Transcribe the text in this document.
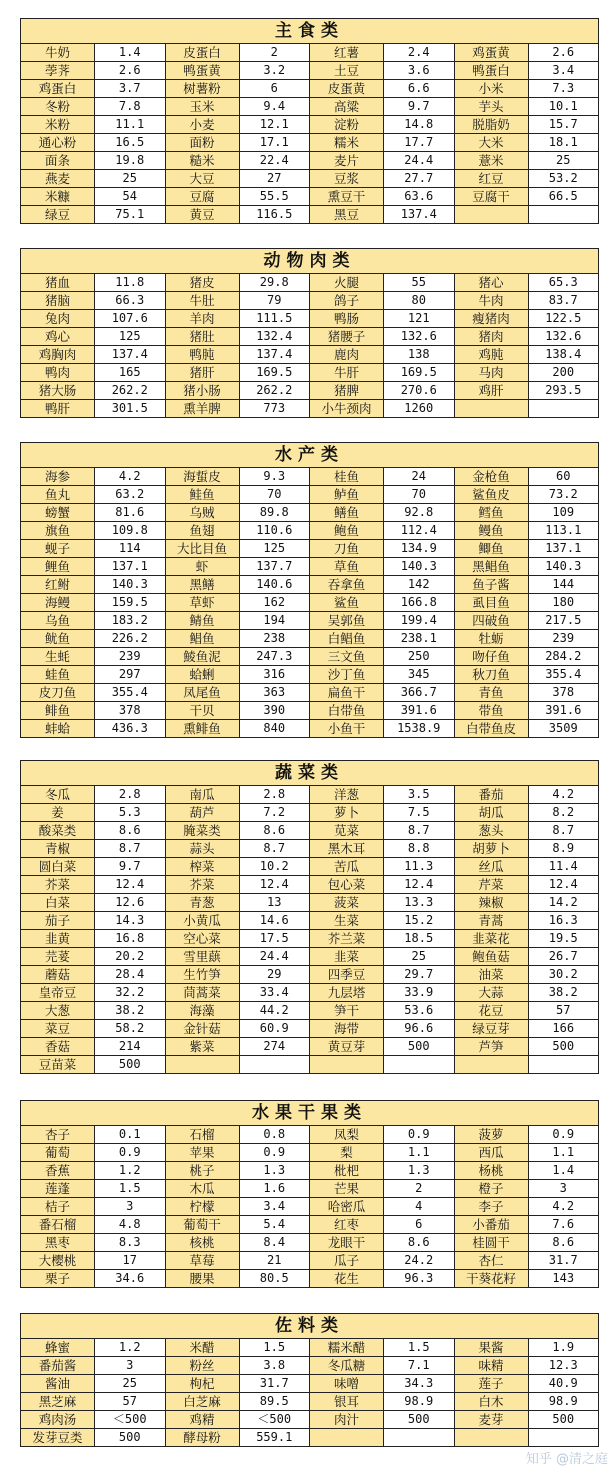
主食类							
牛奶	1.4	皮蛋白	2	红薯	2.4	鸡蛋黄	2.6
荸荠	2.6	鸭蛋黄	3.2	土豆	3.6	鸭蛋白	3.4
鸡蛋白	3.7	树薯粉	6	皮蛋黄	6.6	小米	7.3
冬粉	7.8	玉米	9.4	高粱	9.7	芋头	10.1
米粉	11.1	小麦	12.1	淀粉	14.8	脱脂奶	15.7
通心粉	16.5	面粉	17.1	糯米	17.7	大米	18.1
面条	19.8	糙米	22.4	麦片	24.4	薏米	25
燕麦	25	大豆	27	豆浆	27.7	红豆	53.2
米糠	54	豆腐	55.5	熏豆干	63.6	豆腐干	66.5
绿豆	75.1	黄豆	116.5	黑豆	137.4		
动物肉类							
猪血	11.8	猪皮	29.8	火腿	55	猪心	65.3
猪脑	66.3	牛肚	79	鸽子	80	牛肉	83.7
兔肉	107.6	羊肉	111.5	鸭肠	121	瘦猪肉	122.5
鸡心	125	猪肚	132.4	猪腰子	132.6	猪肉	132.6
鸡胸肉	137.4	鸭肫	137.4	鹿肉	138	鸡肫	138.4
鸭肉	165	猪肝	169.5	牛肝	169.5	马肉	200
猪大肠	262.2	猪小肠	262.2	猪脾	270.6	鸡肝	293.5
鸭肝	301.5	熏羊脾	773	小牛颈肉	1260		
水产类							
海参	4.2	海蜇皮	9.3	桂鱼	24	金枪鱼	60
鱼丸	63.2	鲑鱼	70	鲈鱼	70	鲨鱼皮	73.2
螃蟹	81.6	乌贼	89.8	鳝鱼	92.8	鳕鱼	109
旗鱼	109.8	鱼翅	110.6	鲍鱼	112.4	鳗鱼	113.1
蚬子	114	大比目鱼	125	刀鱼	134.9	鲫鱼	137.1
鲤鱼	137.1	虾	137.7	草鱼	140.3	黑鲳鱼	140.3
红鲋	140.3	黑鳝	140.6	吞拿鱼	142	鱼子酱	144
海鳗	159.5	草虾	162	鲨鱼	166.8	虱目鱼	180
乌鱼	183.2	鲭鱼	194	吴郭鱼	199.4	四破鱼	217.5
鱿鱼	226.2	鲳鱼	238	白鲳鱼	238.1	牡蛎	239
生蚝	239	鯪鱼泥	247.3	三文鱼	250	吻仔鱼	284.2
蛙鱼	297	蛤蜊	316	沙丁鱼	345	秋刀鱼	355.4
皮刀鱼	355.4	凤尾鱼	363	扁鱼干	366.7	青鱼	378
鲱鱼	378	干贝	390	白带鱼	391.6	带鱼	391.6
蚌蛤	436.3	熏鲱鱼	840	小鱼干	1538.9	白带鱼皮	3509
蔬菜类							
冬瓜	2.8	南瓜	2.8	洋葱	3.5	番茄	4.2
姜	5.3	葫芦	7.2	萝卜	7.5	胡瓜	8.2
酸菜类	8.6	腌菜类	8.6	苋菜	8.7	葱头	8.7
青椒	8.7	蒜头	8.7	黑木耳	8.8	胡萝卜	8.9
圆白菜	9.7	榨菜	10.2	苦瓜	11.3	丝瓜	11.4
芥菜	12.4	芥菜	12.4	包心菜	12.4	芹菜	12.4
白菜	12.6	青葱	13	菠菜	13.3	辣椒	14.2
茄子	14.3	小黄瓜	14.6	生菜	15.2	青蒿	16.3
韭黄	16.8	空心菜	17.5	芥兰菜	18.5	韭菜花	19.5
芫荽	20.2	雪里蕻	24.4	韭菜	25	鲍鱼菇	26.7
蘑菇	28.4	生竹笋	29	四季豆	29.7	油菜	30.2
皇帝豆	32.2	茼蒿菜	33.4	九层塔	33.9	大蒜	38.2
大葱	38.2	海藻	44.2	笋干	53.6	花豆	57
菜豆	58.2	金针菇	60.9	海带	96.6	绿豆芽	166
香菇	214	紫菜	274	黄豆芽	500	芦笋	500
豆苗菜	500						
水果干果类							
杏子	0.1	石榴	0.8	凤梨	0.9	菠萝	0.9
葡萄	0.9	苹果	0.9	梨	1.1	西瓜	1.1
香蕉	1.2	桃子	1.3	枇杷	1.3	杨桃	1.4
莲蓬	1.5	木瓜	1.6	芒果	2	橙子	3
桔子	3	柠檬	3.4	哈密瓜	4	李子	4.2
番石榴	4.8	葡萄干	5.4	红枣	6	小番茄	7.6
黑枣	8.3	核桃	8.4	龙眼干	8.6	桂圆干	8.6
大樱桃	17	草莓	21	瓜子	24.2	杏仁	31.7
栗子	34.6	腰果	80.5	花生	96.3	干葵花籽	143
佐料类							
蜂蜜	1.2	米醋	1.5	糯米醋	1.5	果酱	1.9
番茄酱	3	粉丝	3.8	冬瓜糖	7.1	味精	12.3
酱油	25	枸杞	31.7	味噌	34.3	莲子	40.9
黑芝麻	57	白芝麻	89.5	银耳	98.9	白木	98.9
鸡肉汤	＜500	鸡精	＜500	肉汁	500	麦芽	500
发芽豆类	500	酵母粉	559.1				
知乎 @清之庭
